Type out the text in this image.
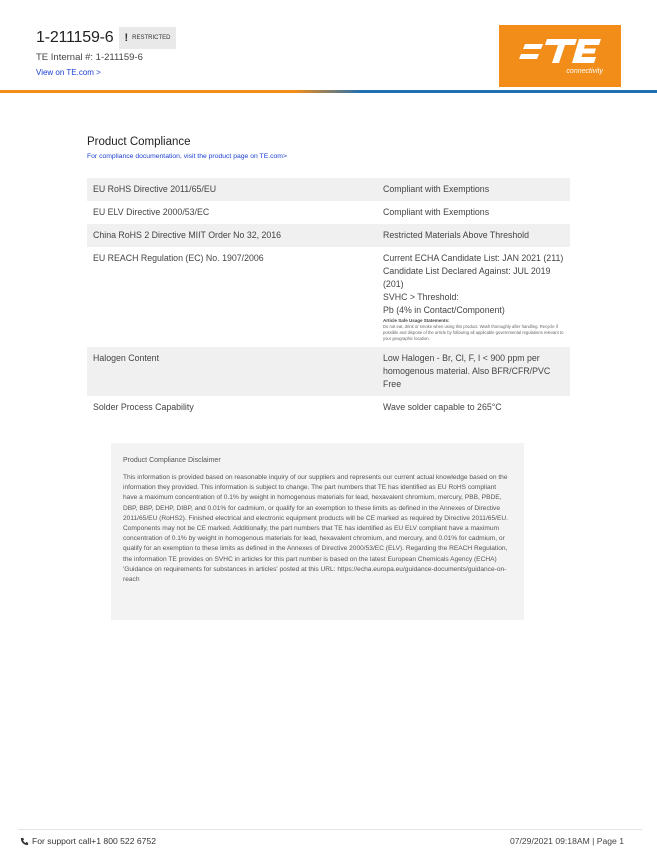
1-211159-6 ! RESTRICTED
TE Internal #: 1-211159-6
View on TE.com >	connectivity
Product Compliance
For compliance documentation, visit the product page on TE.com>
EU RoHS Directive 2011/65/EU	Compliant with Exemptions
EU ELV Directive 2000/53/EC	Compliant with Exemptions
China RoHS 2 Directive MIIT Order No 32, 2016	Restricted Materials Above Threshold
EU REACH Regulation (EC) No. 1907/2006	Current ECHA Candidate List: JAN 2021 (211)
Candidate List Declared Against: JUL 2019 (201)
SVHC > Threshold:
Pb (4% in Contact/Component)
Article Safe Usage Statements:
Do not eat, drink or smoke when using this product. Wash thoroughly after handling. Recycle if possible and dispose of the article by following all applicable governmental regulations relevant to your geographic location.
Halogen Content	Low Halogen - Br, Cl, F, I < 900 ppm per homogenous material. Also BFR/CFR/PVC Free
Solder Process Capability	Wave solder capable to 265°C
Product Compliance Disclaimer
This information is provided based on reasonable inquiry of our suppliers and represents our current actual knowledge based on the information they provided. This information is subject to change. The part numbers that TE has identified as EU RoHS compliant have a maximum concentration of 0.1% by weight in homogenous materials for lead, hexavalent chromium, mercury, PBB, PBDE, DBP, BBP, DEHP, DIBP, and 0.01% for cadmium, or qualify for an exemption to these limits as defined in the Annexes of Directive 2011/65/EU (RoHS2). Finished electrical and electronic equipment products will be CE marked as required by Directive 2011/65/EU. Components may not be CE marked. Additionally, the part numbers that TE has identified as EU ELV compliant have a maximum concentration of 0.1% by weight in homogenous materials for lead, hexavalent chromium, and mercury, and 0.01% for cadmium, or qualify for an exemption to these limits as defined in the Annexes of Directive 2000/53/EC (ELV). Regarding the REACH Regulation, the information TE provides on SVHC in articles for this part number is based on the latest European Chemicals Agency (ECHA) 'Guidance on requirements for substances in articles' posted at this URL: https://echa.europa.eu/guidance-documents/guidance-on-reach
For support call+1 800 522 6752	07/29/2021 09:18AM | Page 1
